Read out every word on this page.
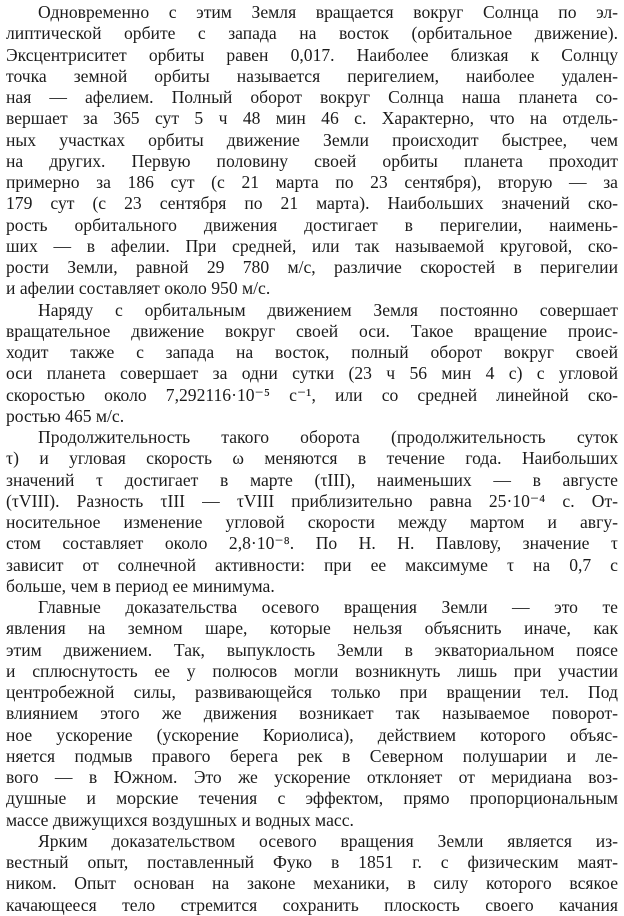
Одновременно с этим Земля вращается вокруг Солнца по эл-
липтической орбите с запада на восток (орбитальное движение).
Эксцентриситет орбиты равен 0,017. Наиболее близкая к Солнцу
точка земной орбиты называется перигелием, наиболее удален-
ная — афелием. Полный оборот вокруг Солнца наша планета со-
вершает за 365 сут 5 ч 48 мин 46 с. Характерно, что на отдель-
ных участках орбиты движение Земли происходит быстрее, чем
на других. Первую половину своей орбиты планета проходит
примерно за 186 сут (с 21 марта по 23 сентября), вторую — за
179 сут (с 23 сентября по 21 марта). Наибольших значений ско-
рость орбитального движения достигает в перигелии, наимень-
ших — в афелии. При средней, или так называемой круговой, ско-
рости Земли, равной 29 780 м/с, различие скоростей в перигелии
и афелии составляет около 950 м/с.
Наряду с орбитальным движением Земля постоянно совершает
вращательное движение вокруг своей оси. Такое вращение проис-
ходит также с запада на восток, полный оборот вокруг своей
оси планета совершает за одни сутки (23 ч 56 мин 4 с) с угловой
скоростью около 7,292116·10⁻⁵ с⁻¹, или со средней линейной ско-
ростью 465 м/с.
Продолжительность такого оборота (продолжительность суток
τ) и угловая скорость ω меняются в течение года. Наибольших
значений τ достигает в марте (τIII), наименьших — в августе
(τVIII). Разность τIII — τVIII приблизительно равна 25·10⁻⁴ с. От-
носительное изменение угловой скорости между мартом и авгу-
стом составляет около 2,8·10⁻⁸. По Н. Н. Павлову, значение τ
зависит от солнечной активности: при ее максимуме τ на 0,7 с
больше, чем в период ее минимума.
Главные доказательства осевого вращения Земли — это те
явления на земном шаре, которые нельзя объяснить иначе, как
этим движением. Так, выпуклость Земли в экваториальном поясе
и сплюснутость ее у полюсов могли возникнуть лишь при участии
центробежной силы, развивающейся только при вращении тел. Под
влиянием этого же движения возникает так называемое поворот-
ное ускорение (ускорение Кориолиса), действием которого объяс-
няется подмыв правого берега рек в Северном полушарии и ле-
вого — в Южном. Это же ускорение отклоняет от меридиана воз-
душные и морские течения с эффектом, прямо пропорциональным
массе движущихся воздушных и водных масс.
Ярким доказательством осевого вращения Земли является из-
вестный опыт, поставленный Фуко в 1851 г. с физическим маят-
ником. Опыт основан на законе механики, в силу которого всякое
качающееся тело стремится сохранить плоскость своего качания
